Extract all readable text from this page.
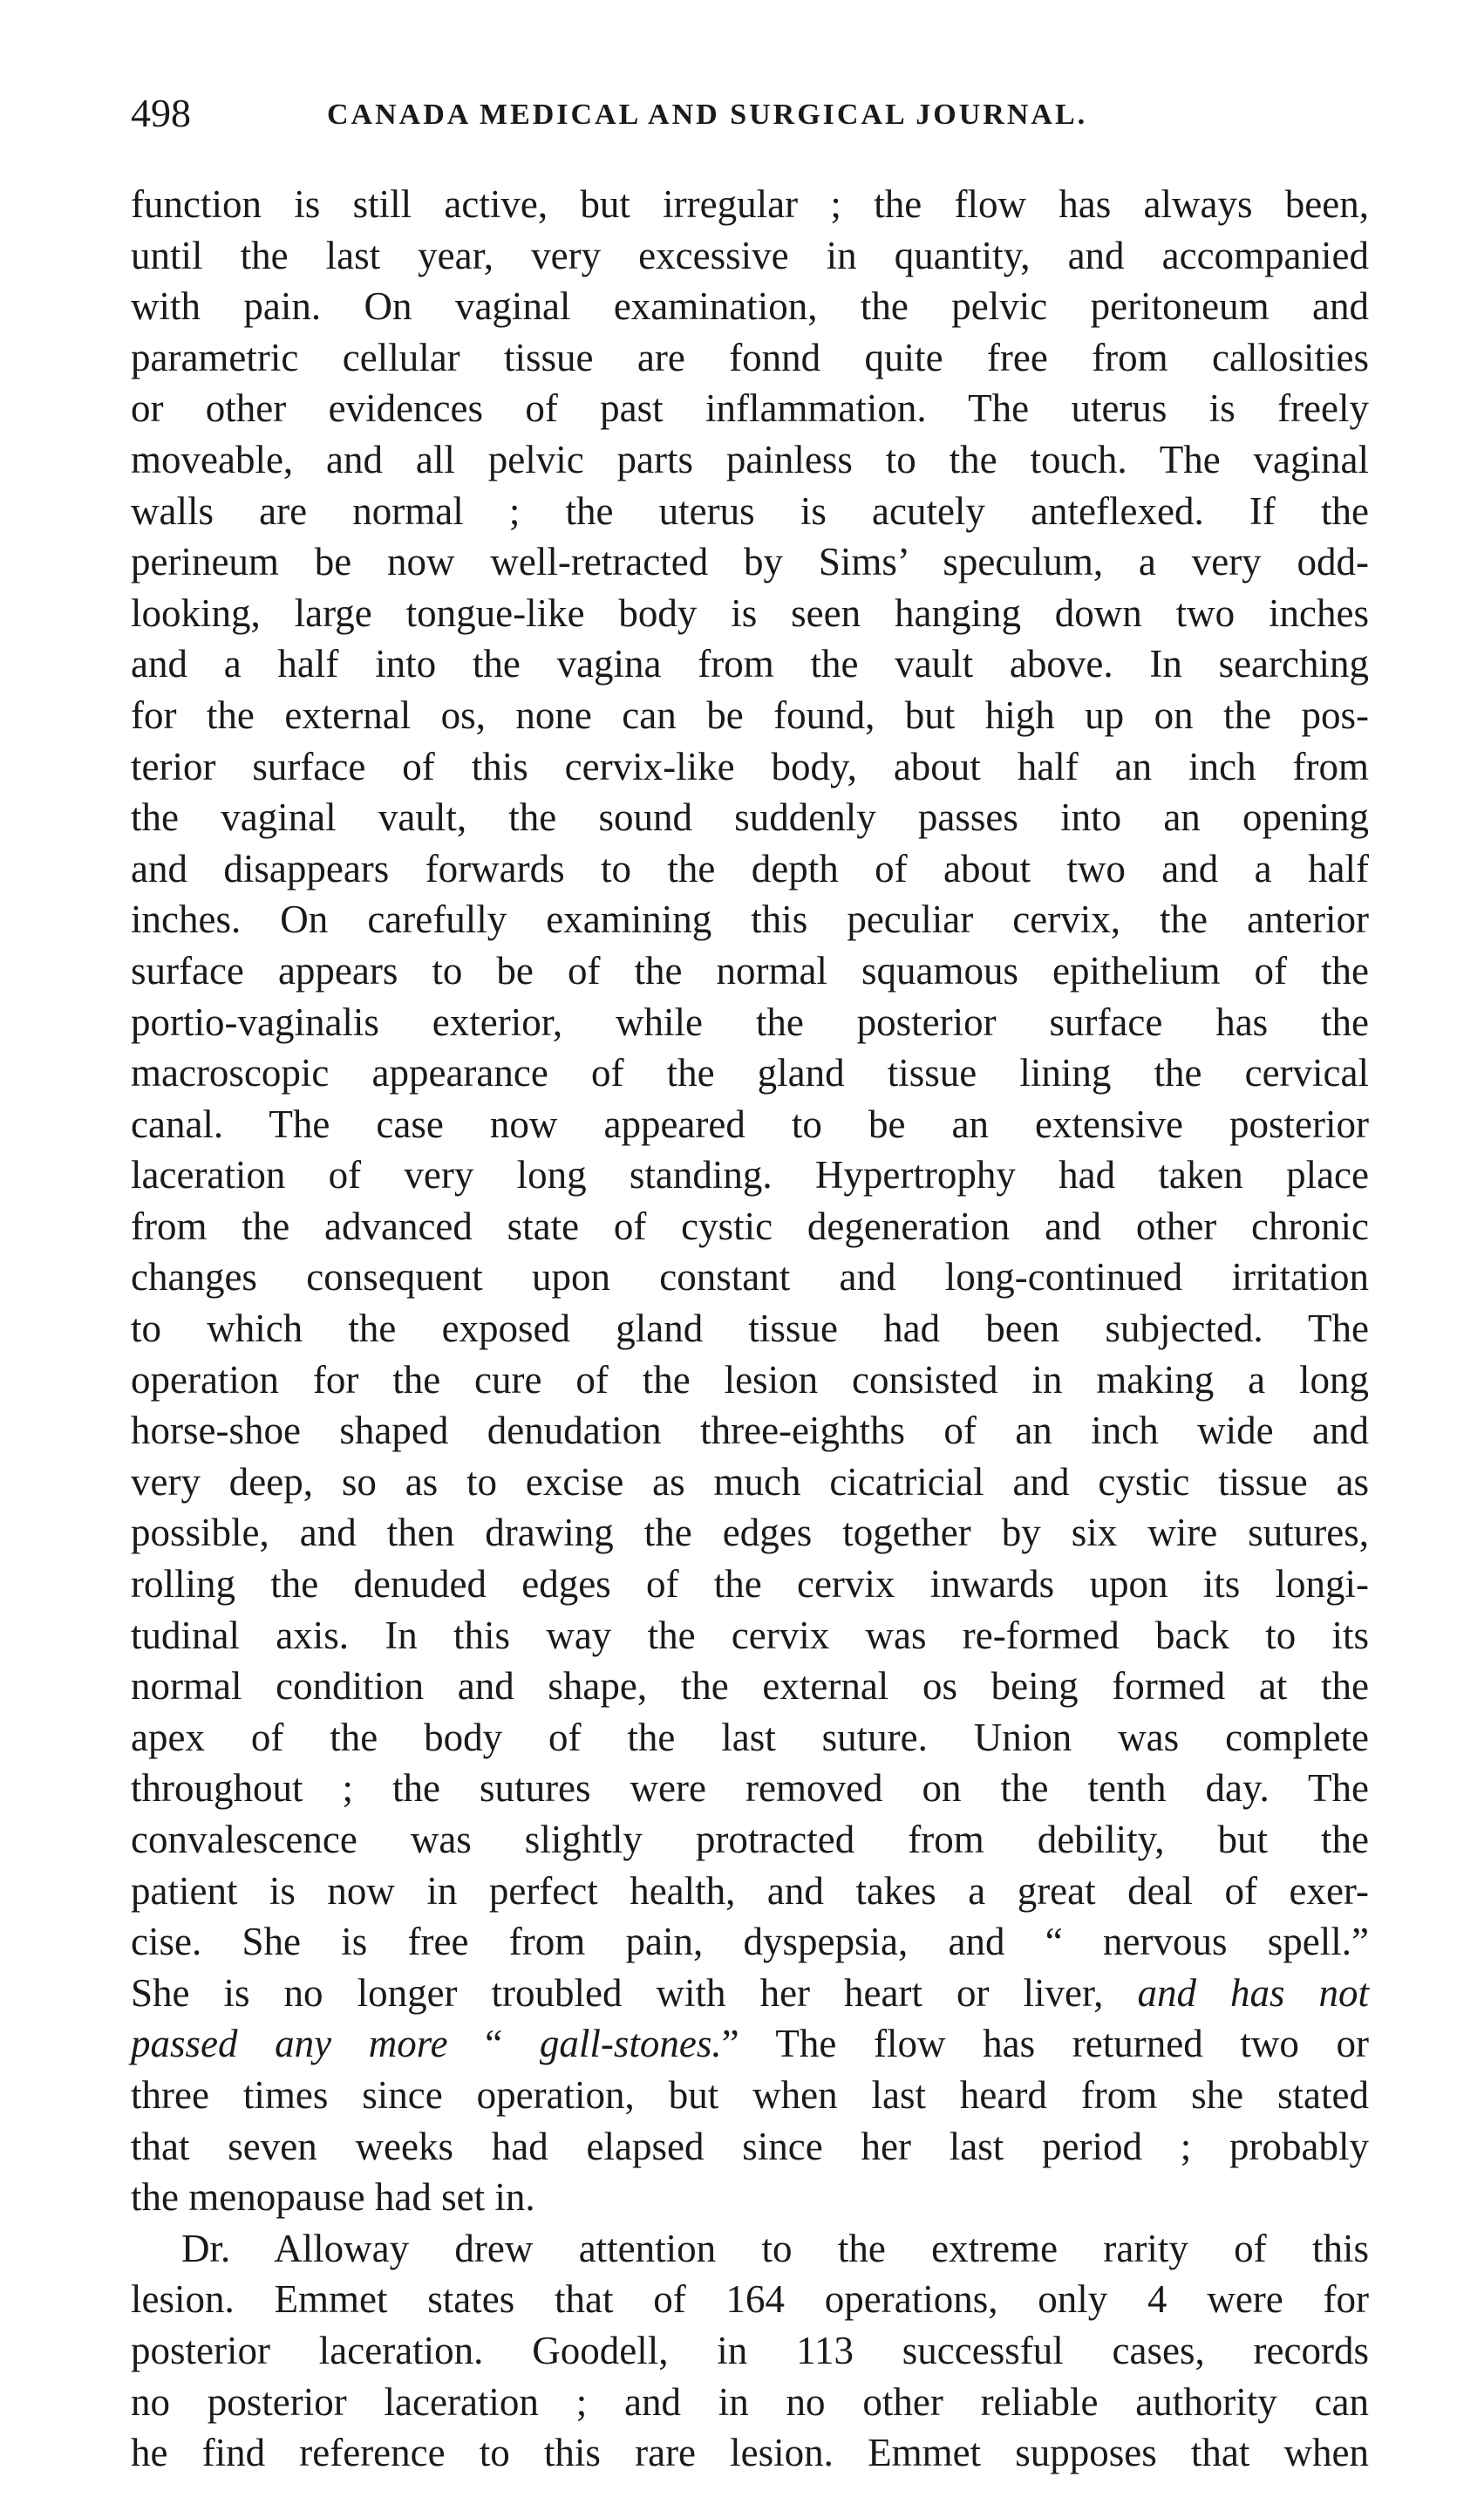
498	CANADA MEDICAL AND SURGICAL JOURNAL.
function is still active, but irregular ; the flow has always been,
until the last year, very excessive in quantity, and accompanied
with pain. On vaginal examination, the pelvic peritoneum and
parametric cellular tissue are fonnd quite free from callosities
or other evidences of past inflammation. The uterus is freely
moveable, and all pelvic parts painless to the touch. The vaginal
walls are normal ; the uterus is acutely anteflexed. If the
perineum be now well-retracted by Sims’ speculum, a very odd-
looking, large tongue-like body is seen hanging down two inches
and a half into the vagina from the vault above. In searching
for the external os, none can be found, but high up on the pos-
terior surface of this cervix-like body, about half an inch from
the vaginal vault, the sound suddenly passes into an opening
and disappears forwards to the depth of about two and a half
inches. On carefully examining this peculiar cervix, the anterior
surface appears to be of the normal squamous epithelium of the
portio-vaginalis exterior, while the posterior surface has the
macroscopic appearance of the gland tissue lining the cervical
canal. The case now appeared to be an extensive posterior
laceration of very long standing. Hypertrophy had taken place
from the advanced state of cystic degeneration and other chronic
changes consequent upon constant and long-continued irritation
to which the exposed gland tissue had been subjected. The
operation for the cure of the lesion consisted in making a long
horse-shoe shaped denudation three-eighths of an inch wide and
very deep, so as to excise as much cicatricial and cystic tissue as
possible, and then drawing the edges together by six wire sutures,
rolling the denuded edges of the cervix inwards upon its longi-
tudinal axis. In this way the cervix was re-formed back to its
normal condition and shape, the external os being formed at the
apex of the body of the last suture. Union was complete
throughout ; the sutures were removed on the tenth day. The
convalescence was slightly protracted from debility, but the
patient is now in perfect health, and takes a great deal of exer-
cise. She is free from pain, dyspepsia, and “ nervous spell.”
She is no longer troubled with her heart or liver, and has not
passed any more “ gall-stones.” The flow has returned two or
three times since operation, but when last heard from she stated
that seven weeks had elapsed since her last period ; probably
the menopause had set in.
Dr. Alloway drew attention to the extreme rarity of this
lesion. Emmet states that of 164 operations, only 4 were for
posterior laceration. Goodell, in 113 successful cases, records
no posterior laceration ; and in no other reliable authority can
he find reference to this rare lesion. Emmet supposes that when
